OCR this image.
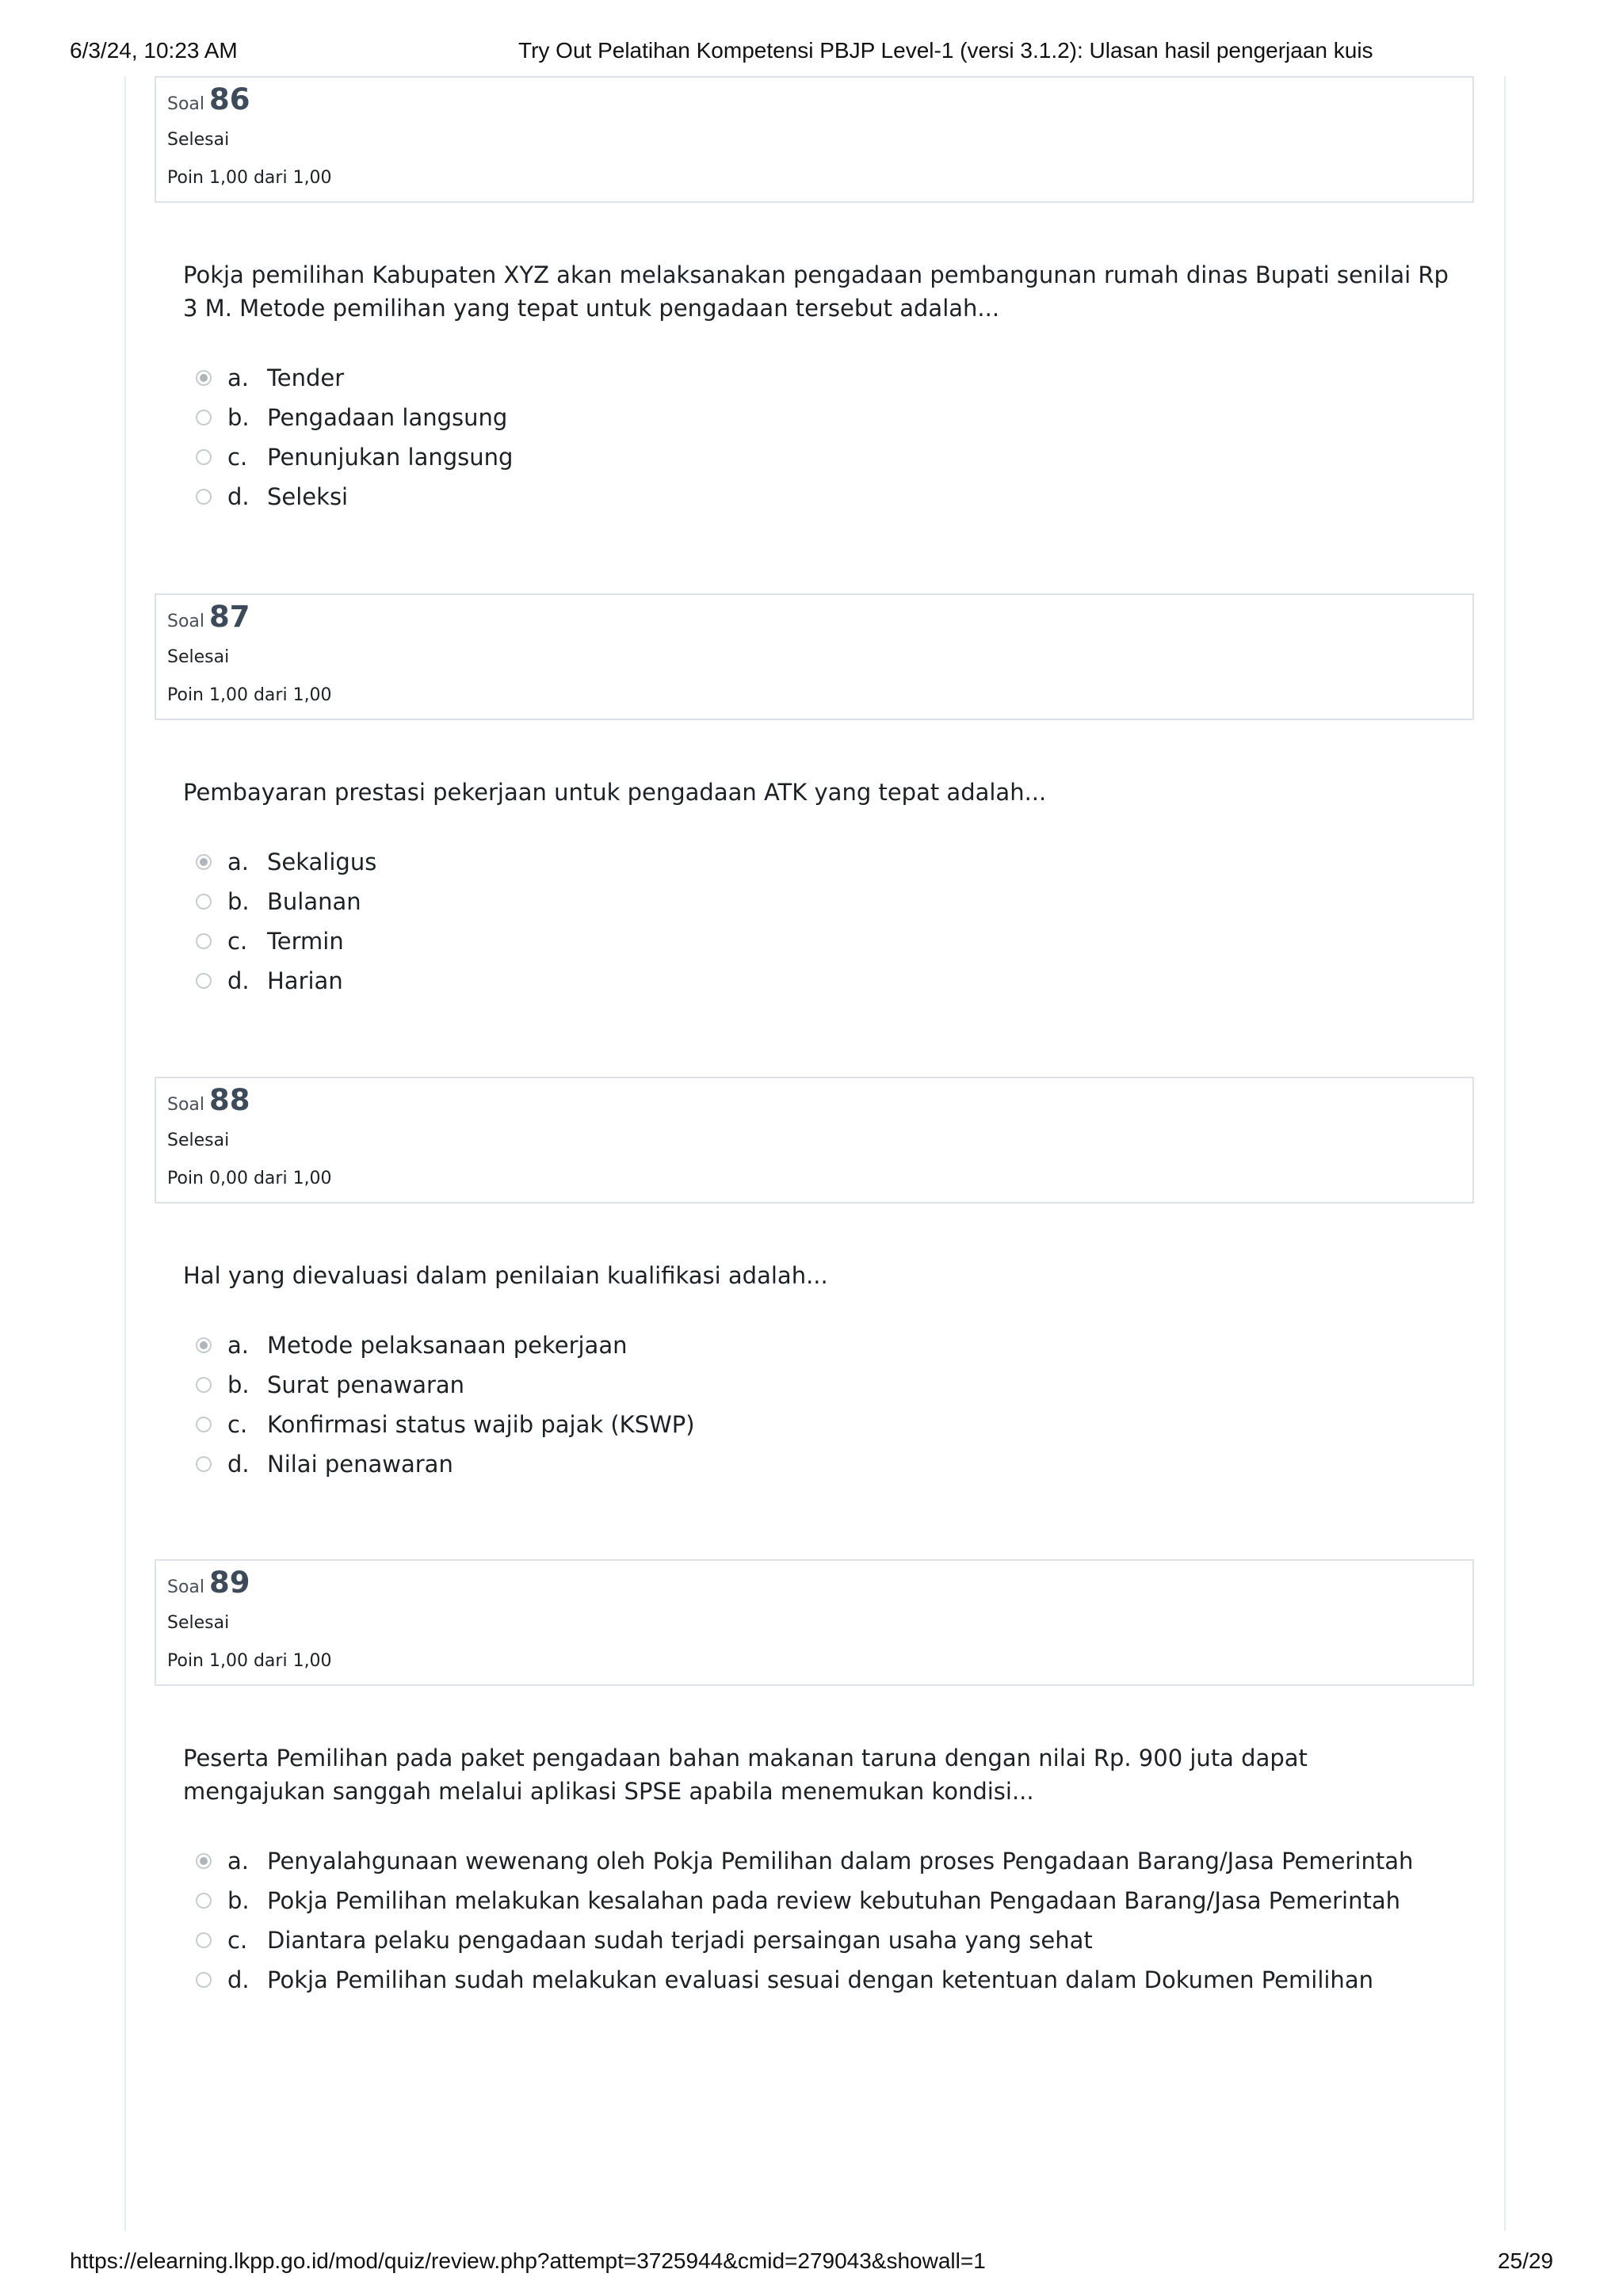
6/3/24, 10:23 AM	Try Out Pelatihan Kompetensi PBJP Level-1 (versi 3.1.2): Ulasan hasil pengerjaan kuis
Soal 86
Selesai
Poin 1,00 dari 1,00
Pokja pemilihan Kabupaten XYZ akan melaksanakan pengadaan pembangunan rumah dinas Bupati senilai Rp 3 M. Metode pemilihan yang tepat untuk pengadaan tersebut adalah...
a. Tender
b. Pengadaan langsung
c. Penunjukan langsung
d. Seleksi
Soal 87
Selesai
Poin 1,00 dari 1,00
Pembayaran prestasi pekerjaan untuk pengadaan ATK yang tepat adalah...
a. Sekaligus
b. Bulanan
c. Termin
d. Harian
Soal 88
Selesai
Poin 0,00 dari 1,00
Hal yang dievaluasi dalam penilaian kualifikasi adalah...
a. Metode pelaksanaan pekerjaan
b. Surat penawaran
c. Konfirmasi status wajib pajak (KSWP)
d. Nilai penawaran
Soal 89
Selesai
Poin 1,00 dari 1,00
Peserta Pemilihan pada paket pengadaan bahan makanan taruna dengan nilai Rp. 900 juta dapat mengajukan sanggah melalui aplikasi SPSE apabila menemukan kondisi...
a. Penyalahgunaan wewenang oleh Pokja Pemilihan dalam proses Pengadaan Barang/Jasa Pemerintah
b. Pokja Pemilihan melakukan kesalahan pada review kebutuhan Pengadaan Barang/Jasa Pemerintah
c. Diantara pelaku pengadaan sudah terjadi persaingan usaha yang sehat
d. Pokja Pemilihan sudah melakukan evaluasi sesuai dengan ketentuan dalam Dokumen Pemilihan
https://elearning.lkpp.go.id/mod/quiz/review.php?attempt=3725944&cmid=279043&showall=1	25/29
